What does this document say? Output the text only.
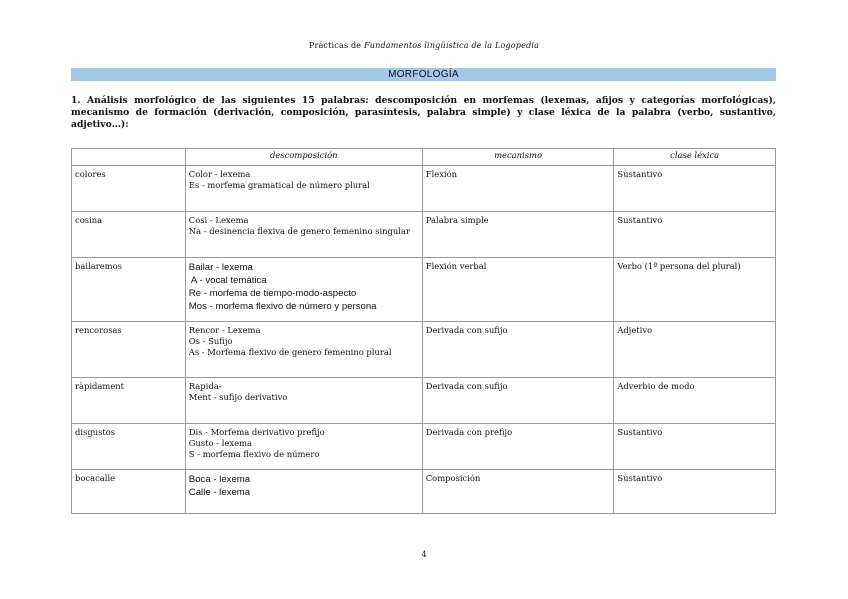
Prácticas de Fundamentos lingüística de la Logopedia
MORFOLOGÍA
1. Análisis morfológico de las siguientes 15 palabras: descomposición en morfemas (lexemas, afijos y categorías morfológicas), mecanismo de formación (derivación, composición, parasíntesis, palabra simple) y clase léxica de la palabra (verbo, sustantivo, adjetivo…):
	descomposición	mecanismo	clase léxica
colores	Color - lexema
Es - morfema gramatical de número plural	Flexión	Sustantivo
cosina	Cosi - Lexema
Na - desinencia flexiva de genero femenino singular	Palabra simple	Sustantivo
bailaremos	Bailar - lexema
A - vocal temática
Re - morfema de tiempo-modo-aspecto
Mos - morfema flexivo de número y persona	Flexión verbal	Verbo (1ª persona del plural)
rencorosas	Rencor - Lexema
Os - Sufijo
As - Morfema flexivo de genero femenino plural	Derivada con sufijo	Adjetivo
ràpidament	Rapida-
Ment - sufijo derivativo	Derivada con sufijo	Adverbio de modo
disgustos	Dis - Morfema derivativo prefijo
Gusto - lexema
S - morfema flexivo de número	Derivada con prefijo	Sustantivo
bocacalle	Boca - lexema
Calle - lexema	Composición	Sustantivo
4
